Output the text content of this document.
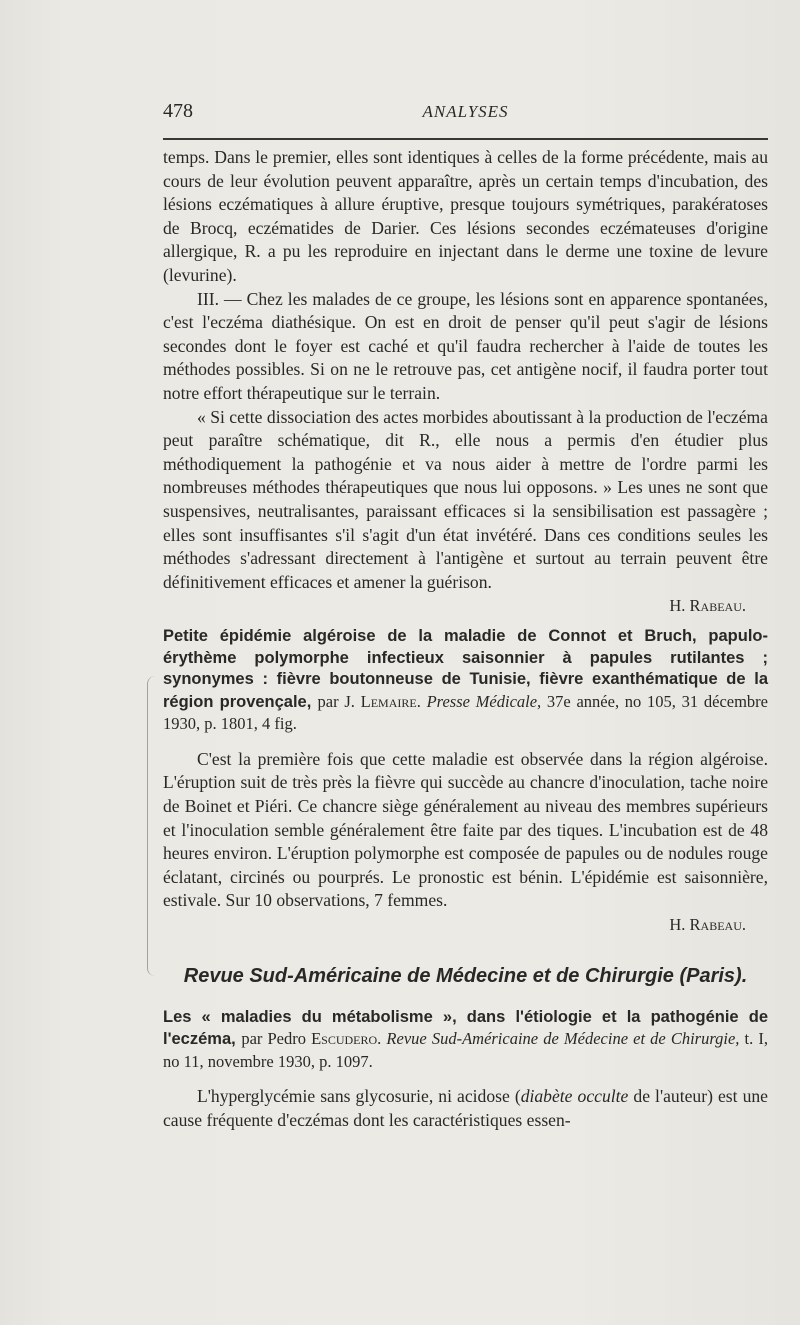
478	ANALYSES

temps. Dans le premier, elles sont identiques à celles de la forme précédente, mais au cours de leur évolution peuvent apparaître, après un certain temps d'incubation, des lésions eczématiques à allure éruptive, presque toujours symétriques, parakératoses de Brocq, eczématides de Darier. Ces lésions secondes eczémateuses d'origine allergique, R. a pu les reproduire en injectant dans le derme une toxine de levure (levurine).

III. — Chez les malades de ce groupe, les lésions sont en apparence spontanées, c'est l'eczéma diathésique. On est en droit de penser qu'il peut s'agir de lésions secondes dont le foyer est caché et qu'il faudra rechercher à l'aide de toutes les méthodes possibles. Si on ne le retrouve pas, cet antigène nocif, il faudra porter tout notre effort thérapeutique sur le terrain.

« Si cette dissociation des actes morbides aboutissant à la production de l'eczéma peut paraître schématique, dit R., elle nous a permis d'en étudier plus méthodiquement la pathogénie et va nous aider à mettre de l'ordre parmi les nombreuses méthodes thérapeutiques que nous lui opposons. » Les unes ne sont que suspensives, neutralisantes, paraissant efficaces si la sensibilisation est passagère ; elles sont insuffisantes s'il s'agit d'un état invétéré. Dans ces conditions seules les méthodes s'adressant directement à l'antigène et surtout au terrain peuvent être définitivement efficaces et amener la guérison.

H. Rabeau.

Petite épidémie algéroise de la maladie de Connot et Bruch, papulo-érythème polymorphe infectieux saisonnier à papules rutilantes ; synonymes : fièvre boutonneuse de Tunisie, fièvre exanthématique de la région provençale, par J. Lemaire. Presse Médicale, 37e année, no 105, 31 décembre 1930, p. 1801, 4 fig.

C'est la première fois que cette maladie est observée dans la région algéroise. L'éruption suit de très près la fièvre qui succède au chancre d'inoculation, tache noire de Boinet et Piéri. Ce chancre siège généralement au niveau des membres supérieurs et l'inoculation semble généralement être faite par des tiques. L'incubation est de 48 heures environ. L'éruption polymorphe est composée de papules ou de nodules rouge éclatant, circinés ou pourprés. Le pronostic est bénin. L'épidémie est saisonnière, estivale. Sur 10 observations, 7 femmes.

H. Rabeau.
Revue Sud-Américaine de Médecine et de Chirurgie (Paris).

Les « maladies du métabolisme », dans l'étiologie et la pathogénie de l'eczéma, par Pedro Escudero. Revue Sud-Américaine de Médecine et de Chirurgie, t. I, no 11, novembre 1930, p. 1097.

L'hyperglycémie sans glycosurie, ni acidose (diabète occulte de l'auteur) est une cause fréquente d'eczémas dont les caractéristiques essen-
